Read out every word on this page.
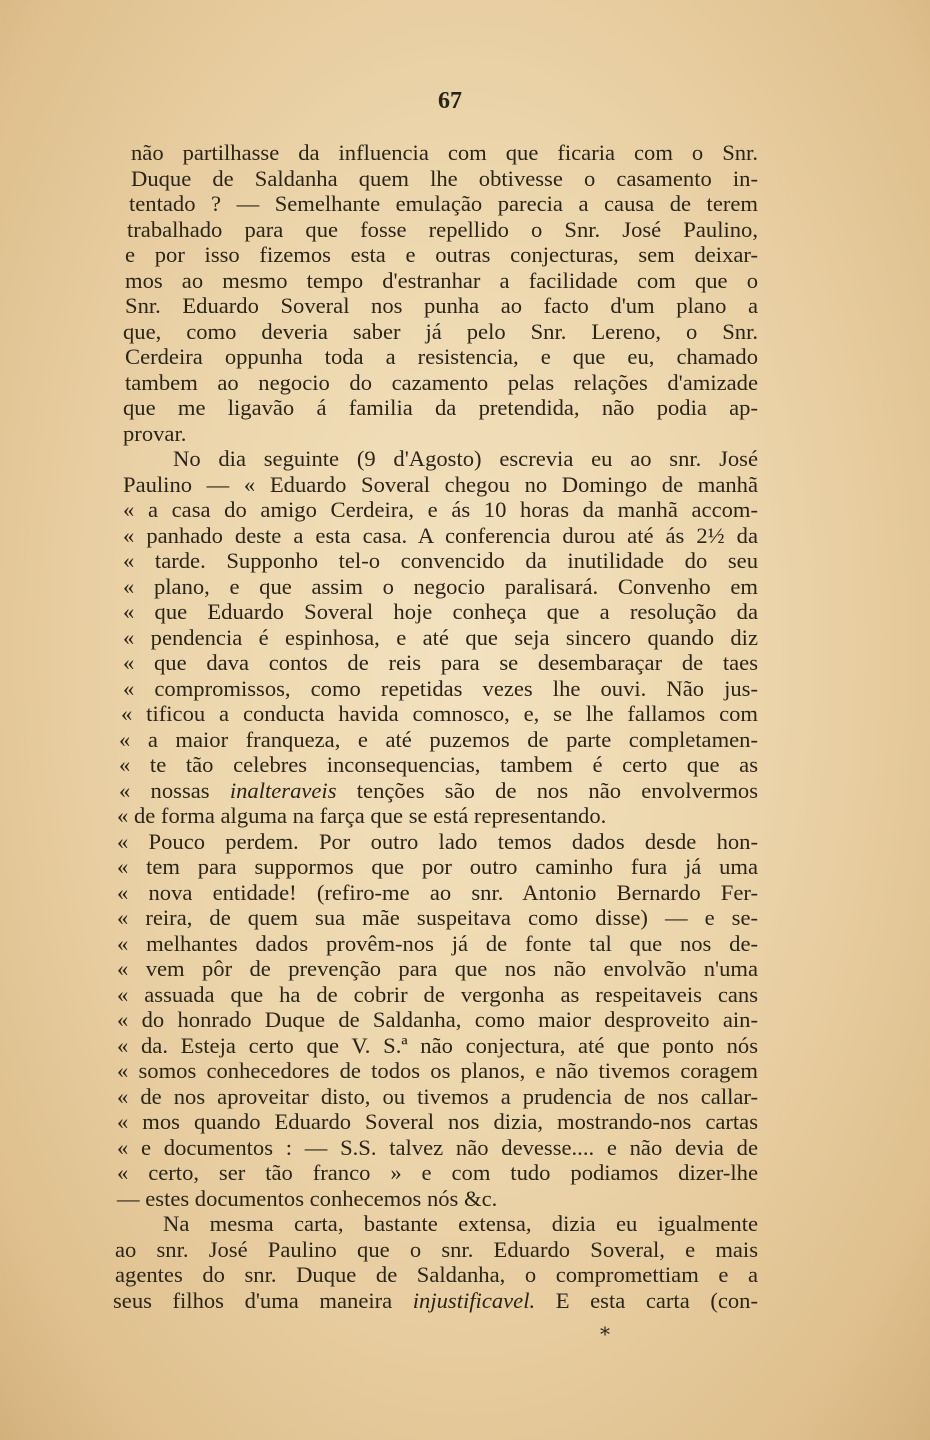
67
não partilhasse da influencia com que ficaria com o Snr.
Duque de Saldanha quem lhe obtivesse o casamento in-
tentado ? — Semelhante emulação parecia a causa de terem
trabalhado para que fosse repellido o Snr. José Paulino,
e por isso fizemos esta e outras conjecturas, sem deixar-
mos ao mesmo tempo d'estranhar a facilidade com que o
Snr. Eduardo Soveral nos punha ao facto d'um plano a
que, como deveria saber já pelo Snr. Lereno, o Snr.
Cerdeira oppunha toda a resistencia, e que eu, chamado
tambem ao negocio do cazamento pelas relações d'amizade
que me ligavão á familia da pretendida, não podia ap-
provar.
No dia seguinte (9 d'Agosto) escrevia eu ao snr. José
Paulino — « Eduardo Soveral chegou no Domingo de manhã
« a casa do amigo Cerdeira, e ás 10 horas da manhã accom-
« panhado deste a esta casa. A conferencia durou até ás 2½ da
« tarde. Supponho tel-o convencido da inutilidade do seu
« plano, e que assim o negocio paralisará. Convenho em
« que Eduardo Soveral hoje conheça que a resolução da
« pendencia é espinhosa, e até que seja sincero quando diz
« que dava contos de reis para se desembaraçar de taes
« compromissos, como repetidas vezes lhe ouvi. Não jus-
« tificou a conducta havida comnosco, e, se lhe fallamos com
« a maior franqueza, e até puzemos de parte completamen-
« te tão celebres inconsequencias, tambem é certo que as
« nossas inalteraveis tenções são de nos não envolvermos
« de forma alguma na farça que se está representando.
« Pouco perdem. Por outro lado temos dados desde hon-
« tem para suppormos que por outro caminho fura já uma
« nova entidade! (refiro-me ao snr. Antonio Bernardo Fer-
« reira, de quem sua mãe suspeitava como disse) — e se-
« melhantes dados provêm-nos já de fonte tal que nos de-
« vem pôr de prevenção para que nos não envolvão n'uma
« assuada que ha de cobrir de vergonha as respeitaveis cans
« do honrado Duque de Saldanha, como maior desproveito ain-
« da. Esteja certo que V. S.ª não conjectura, até que ponto nós
« somos conhecedores de todos os planos, e não tivemos coragem
« de nos aproveitar disto, ou tivemos a prudencia de nos callar-
« mos quando Eduardo Soveral nos dizia, mostrando-nos cartas
« e documentos : — S.S. talvez não devesse.... e não devia de
« certo, ser tão franco » e com tudo podiamos dizer-lhe
— estes documentos conhecemos nós &c.
Na mesma carta, bastante extensa, dizia eu igualmente
ao snr. José Paulino que o snr. Eduardo Soveral, e mais
agentes do snr. Duque de Saldanha, o compromettiam e a
seus filhos d'uma maneira injustificavel. E esta carta (con-
*
